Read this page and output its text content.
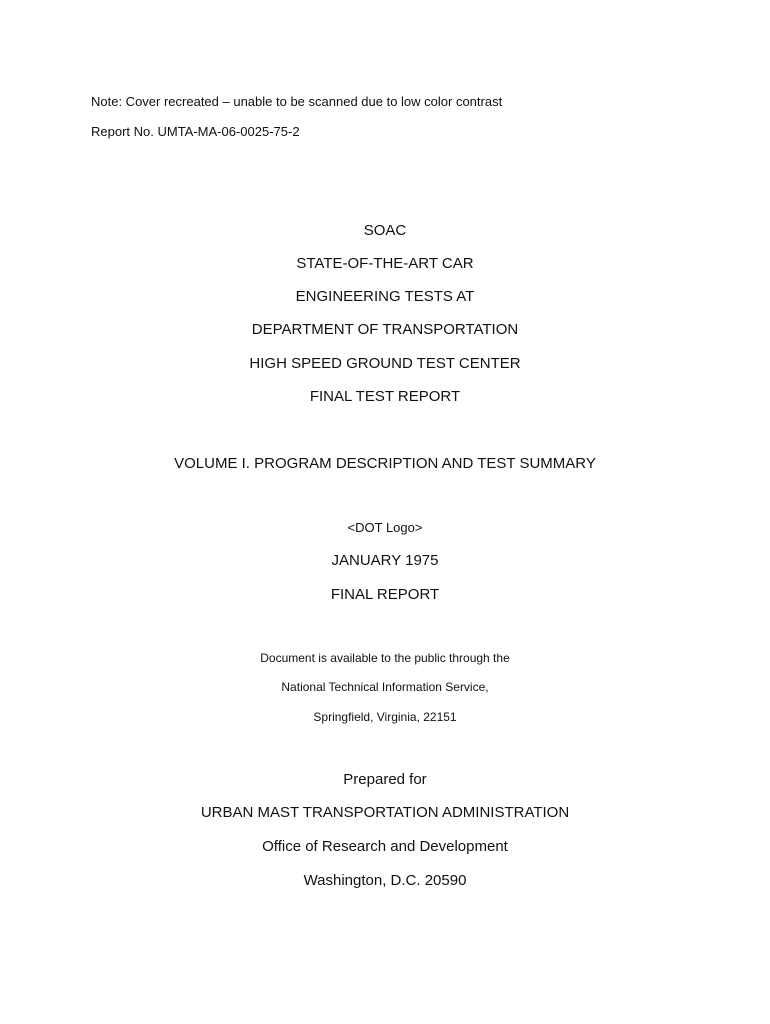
Note: Cover recreated – unable to be scanned due to low color contrast
Report No. UMTA-MA-06-0025-75-2
SOAC
STATE-OF-THE-ART CAR
ENGINEERING TESTS AT
DEPARTMENT OF TRANSPORTATION
HIGH SPEED GROUND TEST CENTER
FINAL TEST REPORT
VOLUME I. PROGRAM DESCRIPTION AND TEST SUMMARY
<DOT Logo>
JANUARY 1975
FINAL REPORT
Document is available to the public through the
National Technical Information Service,
Springfield, Virginia, 22151
Prepared for
URBAN MAST TRANSPORTATION ADMINISTRATION
Office of Research and Development
Washington, D.C. 20590
